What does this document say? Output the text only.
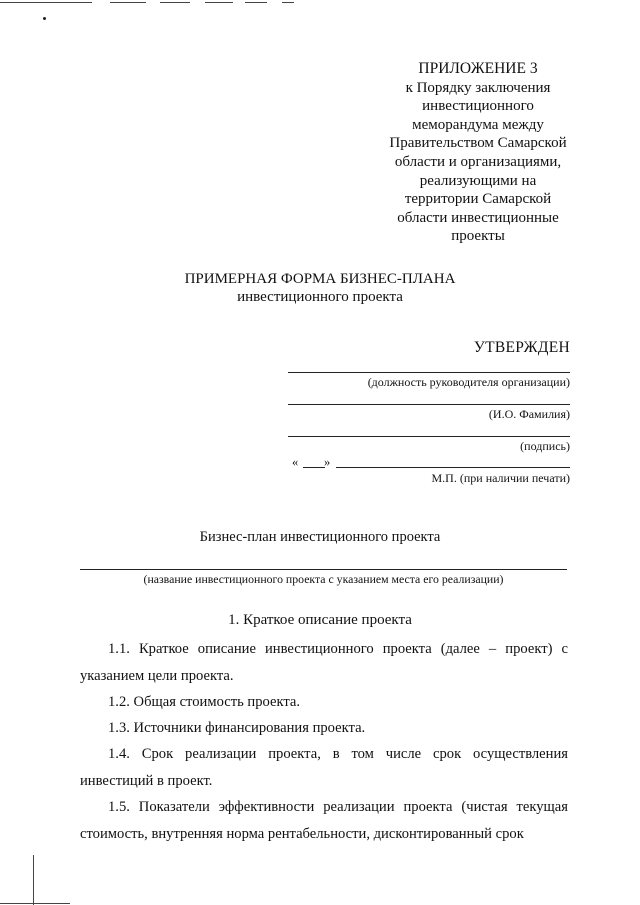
ПРИЛОЖЕНИЕ 3
к Порядку заключения
инвестиционного
меморандума между
Правительством Самарской
области и организациями,
реализующими на
территории Самарской
области инвестиционные
проекты
ПРИМЕРНАЯ ФОРМА БИЗНЕС-ПЛАНА
инвестиционного проекта
УТВЕРЖДЕН
(должность руководителя организации)
(И.О. Фамилия)
(подпись)
« »
М.П. (при наличии печати)
Бизнес-план инвестиционного проекта
(название инвестиционного проекта с указанием места его реализации)
1. Краткое описание проекта
1.1. Краткое описание инвестиционного проекта (далее – проект) с указанием цели проекта.
1.2. Общая стоимость проекта.
1.3. Источники финансирования проекта.
1.4. Срок реализации проекта, в том числе срок осуществления инвестиций в проект.
1.5. Показатели эффективности реализации проекта (чистая текущая стоимость, внутренняя норма рентабельности, дисконтированный срок
